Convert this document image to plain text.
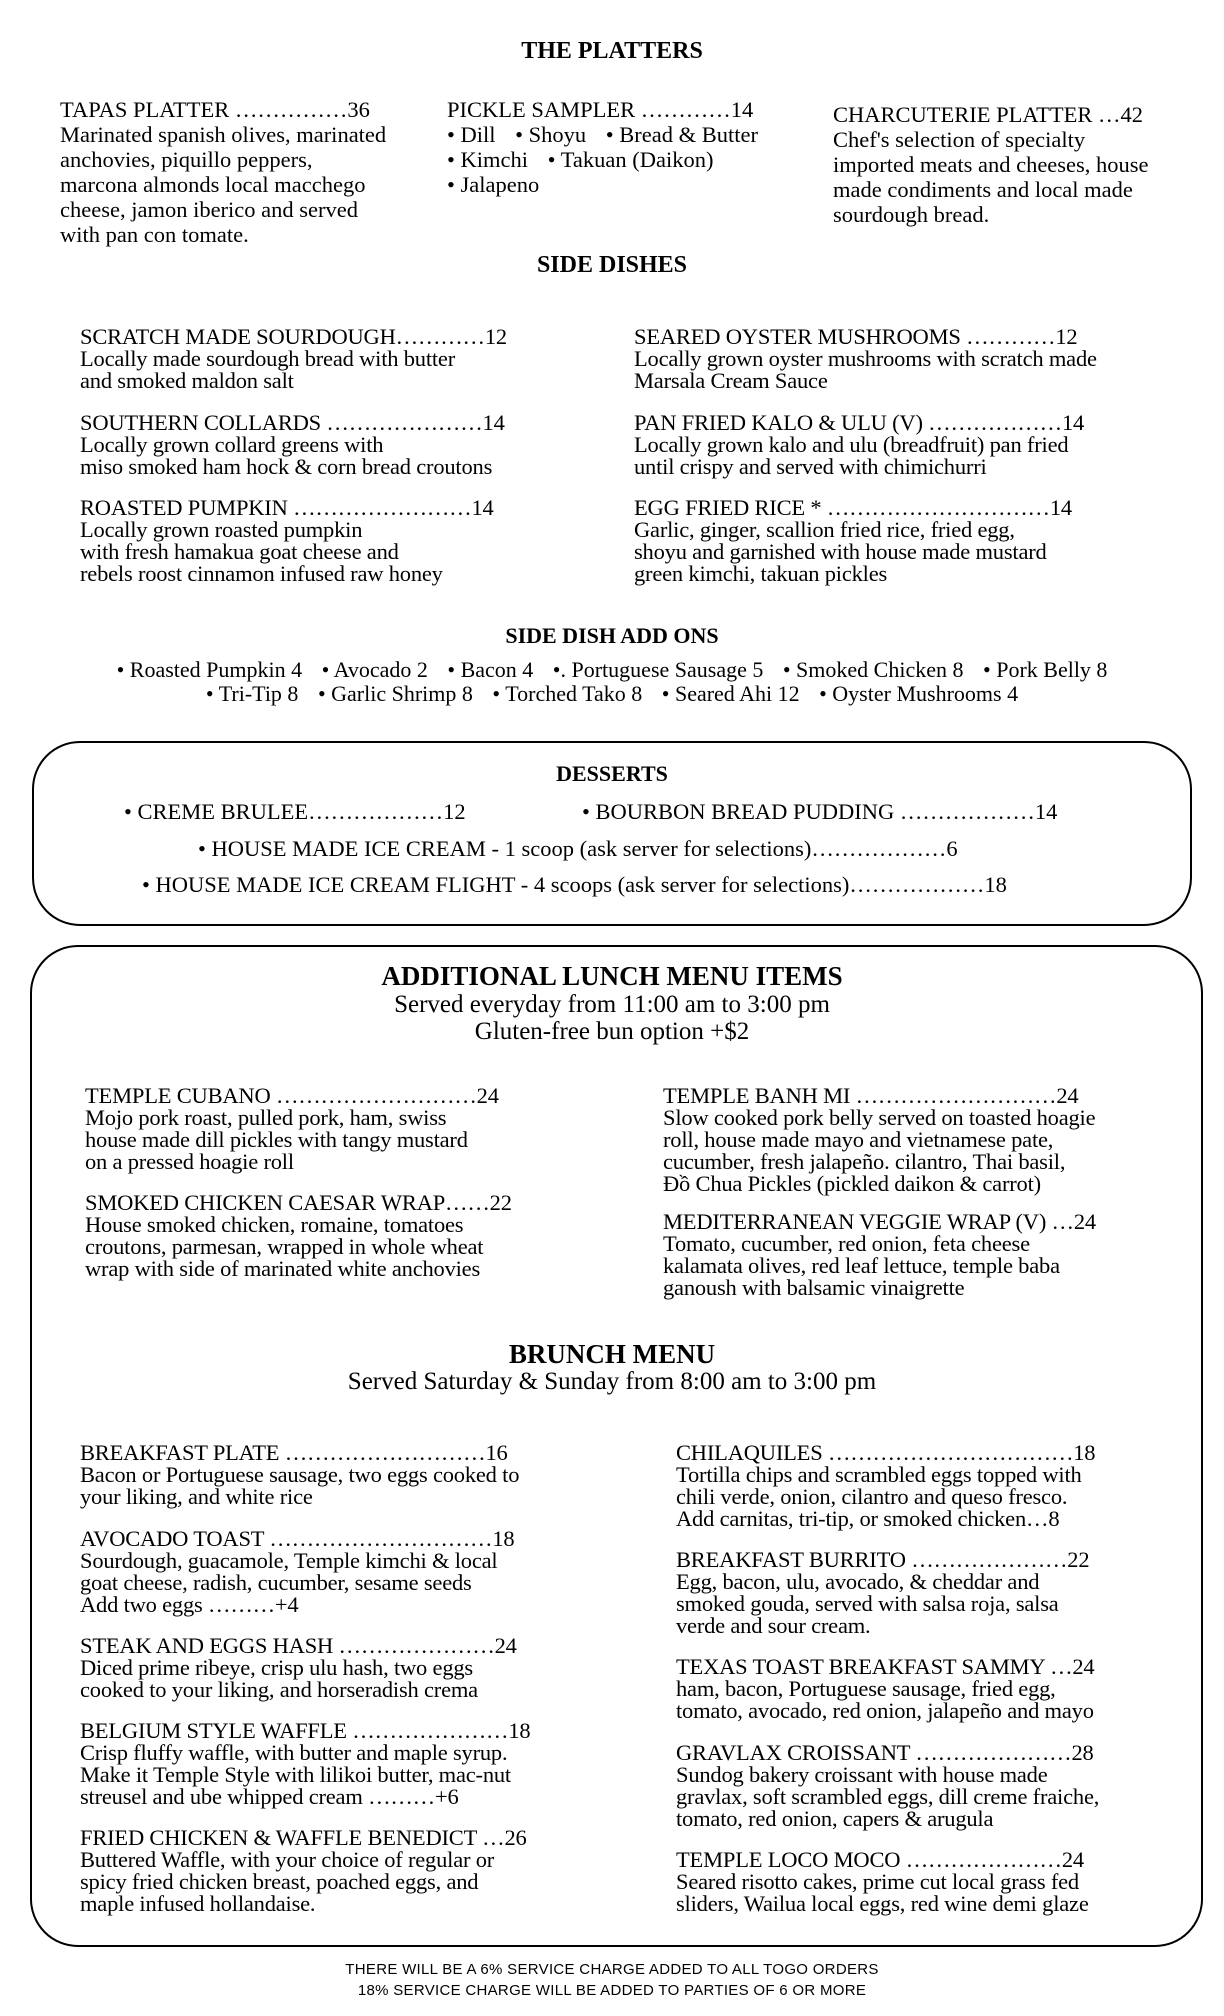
THE PLATTERS
TAPAS PLATTER ……………36
Marinated spanish olives, marinated
anchovies, piquillo peppers,
marcona almonds local macchego
cheese, jamon iberico and served
with pan con tomate.
PICKLE SAMPLER …………14
• Dill • Shoyu • Bread & Butter
• Kimchi • Takuan (Daikon)
• Jalapeno
CHARCUTERIE PLATTER …42
Chef's selection of specialty
imported meats and cheeses, house
made condiments and local made
sourdough bread.
SIDE DISHES
SCRATCH MADE SOURDOUGH…………12
Locally made sourdough bread with butter
and smoked maldon salt
SOUTHERN COLLARDS …………………14
Locally grown collard greens with
miso smoked ham hock & corn bread croutons
ROASTED PUMPKIN ……………………14
Locally grown roasted pumpkin
with fresh hamakua goat cheese and
rebels roost cinnamon infused raw honey
SEARED OYSTER MUSHROOMS …………12
Locally grown oyster mushrooms with scratch made
Marsala Cream Sauce
PAN FRIED KALO & ULU (V) ………………14
Locally grown kalo and ulu (breadfruit) pan fried
until crispy and served with chimichurri
EGG FRIED RICE * …………………………14
Garlic, ginger, scallion fried rice, fried egg,
shoyu and garnished with house made mustard
green kimchi, takuan pickles
SIDE DISH ADD ONS
• Roasted Pumpkin 4 • Avocado 2 • Bacon 4 •. Portuguese Sausage 5 • Smoked Chicken 8 • Pork Belly 8
• Tri-Tip 8 • Garlic Shrimp 8 • Torched Tako 8 • Seared Ahi 12 • Oyster Mushrooms 4
DESSERTS
• CREME BRULEE………………12	• BOURBON BREAD PUDDING ………………14
• HOUSE MADE ICE CREAM - 1 scoop (ask server for selections)………………6
• HOUSE MADE ICE CREAM FLIGHT - 4 scoops (ask server for selections)………………18
ADDITIONAL LUNCH MENU ITEMS
Served everyday from 11:00 am to 3:00 pm
Gluten-free bun option +$2
TEMPLE CUBANO ………………………24
Mojo pork roast, pulled pork, ham, swiss
house made dill pickles with tangy mustard
on a pressed hoagie roll
SMOKED CHICKEN CAESAR WRAP……22
House smoked chicken, romaine, tomatoes
croutons, parmesan, wrapped in whole wheat
wrap with side of marinated white anchovies
TEMPLE BANH MI ………………………24
Slow cooked pork belly served on toasted hoagie
roll, house made mayo and vietnamese pate,
cucumber, fresh jalapeño. cilantro, Thai basil,
Đồ Chua Pickles (pickled daikon & carrot)
MEDITERRANEAN VEGGIE WRAP (V) …24
Tomato, cucumber, red onion, feta cheese
kalamata olives, red leaf lettuce, temple baba
ganoush with balsamic vinaigrette
BRUNCH MENU
Served Saturday & Sunday from 8:00 am to 3:00 pm
BREAKFAST PLATE ………………………16
Bacon or Portuguese sausage, two eggs cooked to
your liking, and white rice
AVOCADO TOAST …………………………18
Sourdough, guacamole, Temple kimchi & local
goat cheese, radish, cucumber, sesame seeds
Add two eggs ………+4
STEAK AND EGGS HASH …………………24
Diced prime ribeye, crisp ulu hash, two eggs
cooked to your liking, and horseradish crema
BELGIUM STYLE WAFFLE …………………18
Crisp fluffy waffle, with butter and maple syrup.
Make it Temple Style with lilikoi butter, mac-nut
streusel and ube whipped cream ………+6
FRIED CHICKEN & WAFFLE BENEDICT …26
Buttered Waffle, with your choice of regular or
spicy fried chicken breast, poached eggs, and
maple infused hollandaise.
CHILAQUILES ……………………………18
Tortilla chips and scrambled eggs topped with
chili verde, onion, cilantro and queso fresco.
Add carnitas, tri-tip, or smoked chicken…8
BREAKFAST BURRITO …………………22
Egg, bacon, ulu, avocado, & cheddar and
smoked gouda, served with salsa roja, salsa
verde and sour cream.
TEXAS TOAST BREAKFAST SAMMY …24
ham, bacon, Portuguese sausage, fried egg,
tomato, avocado, red onion, jalapeño and mayo
GRAVLAX CROISSANT …………………28
Sundog bakery croissant with house made
gravlax, soft scrambled eggs, dill creme fraiche,
tomato, red onion, capers & arugula
TEMPLE LOCO MOCO …………………24
Seared risotto cakes, prime cut local grass fed
sliders, Wailua local eggs, red wine demi glaze
THERE WILL BE A 6% SERVICE CHARGE ADDED TO ALL TOGO ORDERS
18% SERVICE CHARGE WILL BE ADDED TO PARTIES OF 6 OR MORE
